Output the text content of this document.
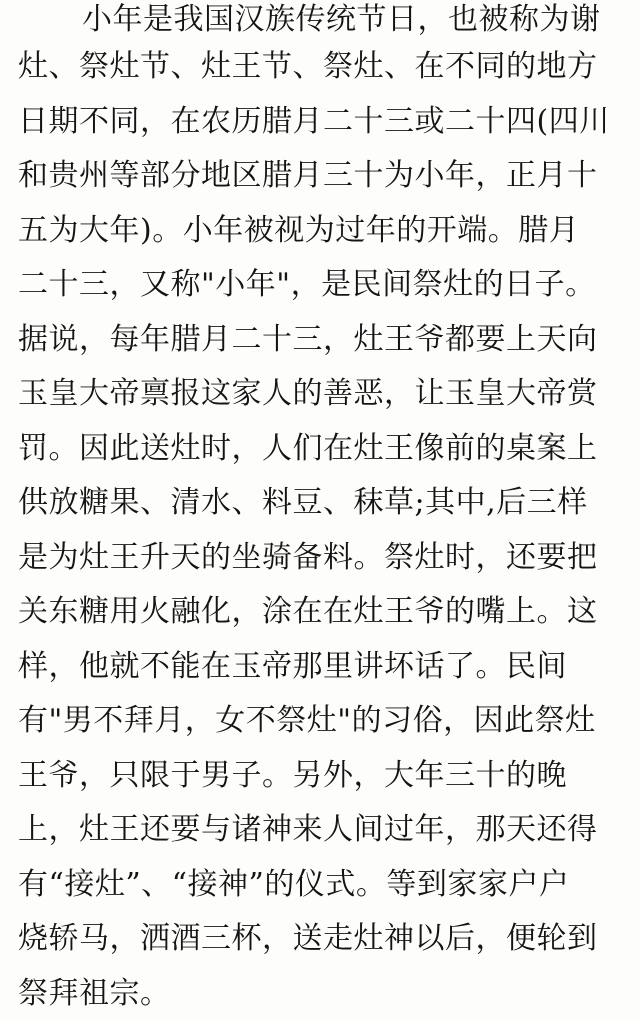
小年是我国汉族传统节日，也被称为谢
灶、祭灶节、灶王节、祭灶、在不同的地方
日期不同，在农历腊月二十三或二十四(四川
和贵州等部分地区腊月三十为小年，正月十
五为大年)。小年被视为过年的开端。腊月
二十三，又称"小年"，是民间祭灶的日子。
据说，每年腊月二十三，灶王爷都要上天向
玉皇大帝禀报这家人的善恶，让玉皇大帝赏
罚。因此送灶时，人们在灶王像前的桌案上
供放糖果、清水、料豆、秣草;其中,后三样
是为灶王升天的坐骑备料。祭灶时，还要把
关东糖用火融化，涂在在灶王爷的嘴上。这
样，他就不能在玉帝那里讲坏话了。民间
有"男不拜月，女不祭灶"的习俗，因此祭灶
王爷，只限于男子。另外，大年三十的晚
上，灶王还要与诸神来人间过年，那天还得
有“接灶”、“接神”的仪式。等到家家户户
烧轿马，洒酒三杯，送走灶神以后，便轮到
祭拜祖宗。
